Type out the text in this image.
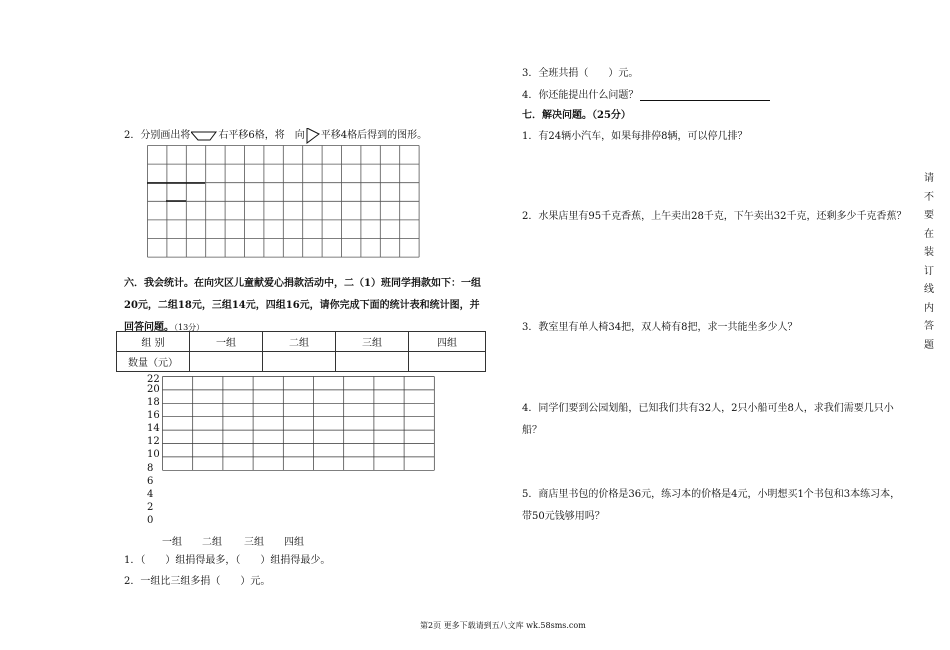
3．全班共捐（　　）元。
4．你还能提出什么问题？
七．解决问题。（25分）
1．有24辆小汽车，如果每排停8辆，可以停几排？
2．水果店里有95千克香蕉，上午卖出28千克，下午卖出32千克，还剩多少千克香蕉？
3．教室里有单人椅34把，双人椅有8把，求一共能坐多少人？
4．同学们要到公园划船，已知我们共有32人，2只小船可坐8人，求我们需要几只小船？
5．商店里书包的价格是36元，练习本的价格是4元，小明想买1个书包和3本练习本，带50元钱够用吗？
请
不
要
在
装
订
线
内
答
题
2．分别画出将	右平移6格，将　向 平移4格后得到的图形。
六．我会统计。在向灾区儿童献爱心捐款活动中，二（1）班同学捐款如下：一组
20元，二组18元，三组14元，四组16元，请你完成下面的统计表和统计图，并
回答问题。（13分）
组 别	一组	二组	三组	四组
数量（元）				
22
20
18
16
14
12
10
8
6
4
2
0
一组 二组 三组 四组
1．（　　）组捐得最多，（　　）组捐得最少。
2．一组比三组多捐（　　）元。
第2页 更多下载请到五八文库 wk.58sms.com
